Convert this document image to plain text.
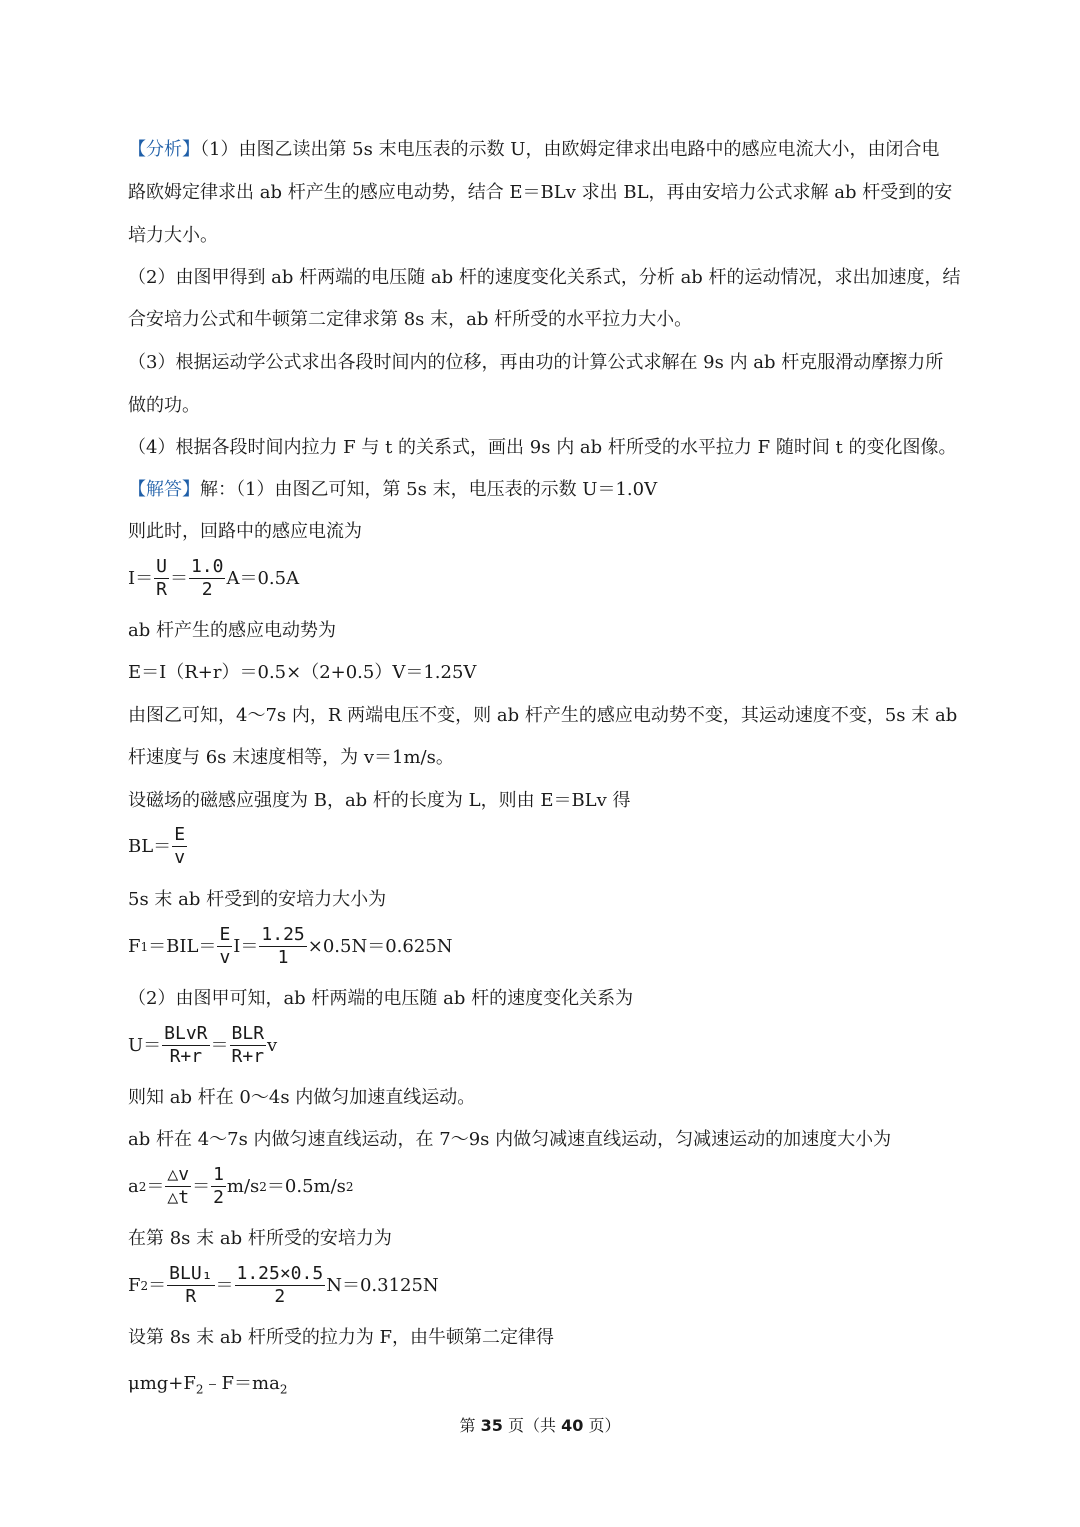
【分析】（1）由图乙读出第 5s 末电压表的示数 U，由欧姆定律求出电路中的感应电流大小，由闭合电
路欧姆定律求出 ab 杆产生的感应电动势，结合 E＝BLv 求出 BL，再由安培力公式求解 ab 杆受到的安
培力大小。
（2）由图甲得到 ab 杆两端的电压随 ab 杆的速度变化关系式，分析 ab 杆的运动情况，求出加速度，结
合安培力公式和牛顿第二定律求第 8s 末，ab 杆所受的水平拉力大小。
（3）根据运动学公式求出各段时间内的位移，再由功的计算公式求解在 9s 内 ab 杆克服滑动摩擦力所
做的功。
（4）根据各段时间内拉力 F 与 t 的关系式，画出 9s 内 ab 杆所受的水平拉力 F 随时间 t 的变化图像。
【解答】解：（1）由图乙可知，第 5s 末，电压表的示数 U＝1.0V
则此时，回路中的感应电流为
$I= \frac{U}{R} = \frac{1.0}{2} A=0.5A$
ab 杆产生的感应电动势为
E＝I（R+r）＝0.5×（2+0.5）V＝1.25V
由图乙可知，4～7s 内，R 两端电压不变，则 ab 杆产生的感应电动势不变，其运动速度不变，5s 末 ab
杆速度与 6s 末速度相等，为 v＝1m/s。
设磁场的磁感应强度为 B，ab 杆的长度为 L，则由 E＝BLv 得
$BL= \frac{E}{v}$
5s 末 ab 杆受到的安培力大小为
F $1 =BIL= \frac{E}{v} I= \frac{1.25}{1} \times 0.5N=0.625N$
（2）由图甲可知，ab 杆两端的电压随 ab 杆的速度变化关系为
$U= \frac{\text{BLvR}}{R+r} = \frac{\text{BLR}}{R+r}$ v
则知 ab 杆在 0～4s 内做匀加速直线运动。
ab 杆在 4～7s 内做匀速直线运动，在 7～9s 内做匀减速直线运动，匀减速运动的加速度大小为
a $2 = \frac{\triangle v}{\triangle t} = \frac{1}{2} m/s$ 2 ＝0.5m/s 2
在第 8s 末 ab 杆所受的安培力为
F $2 = \frac{\text{BLU₁}}{R} = \frac{1.25\times 0.5}{2} N=0.3125N$
设第 8s 末 ab 杆所受的拉力为 F，由牛顿第二定律得
$\mu mg+F_2﹣F=ma_2$
第 35 页（共 40 页）
